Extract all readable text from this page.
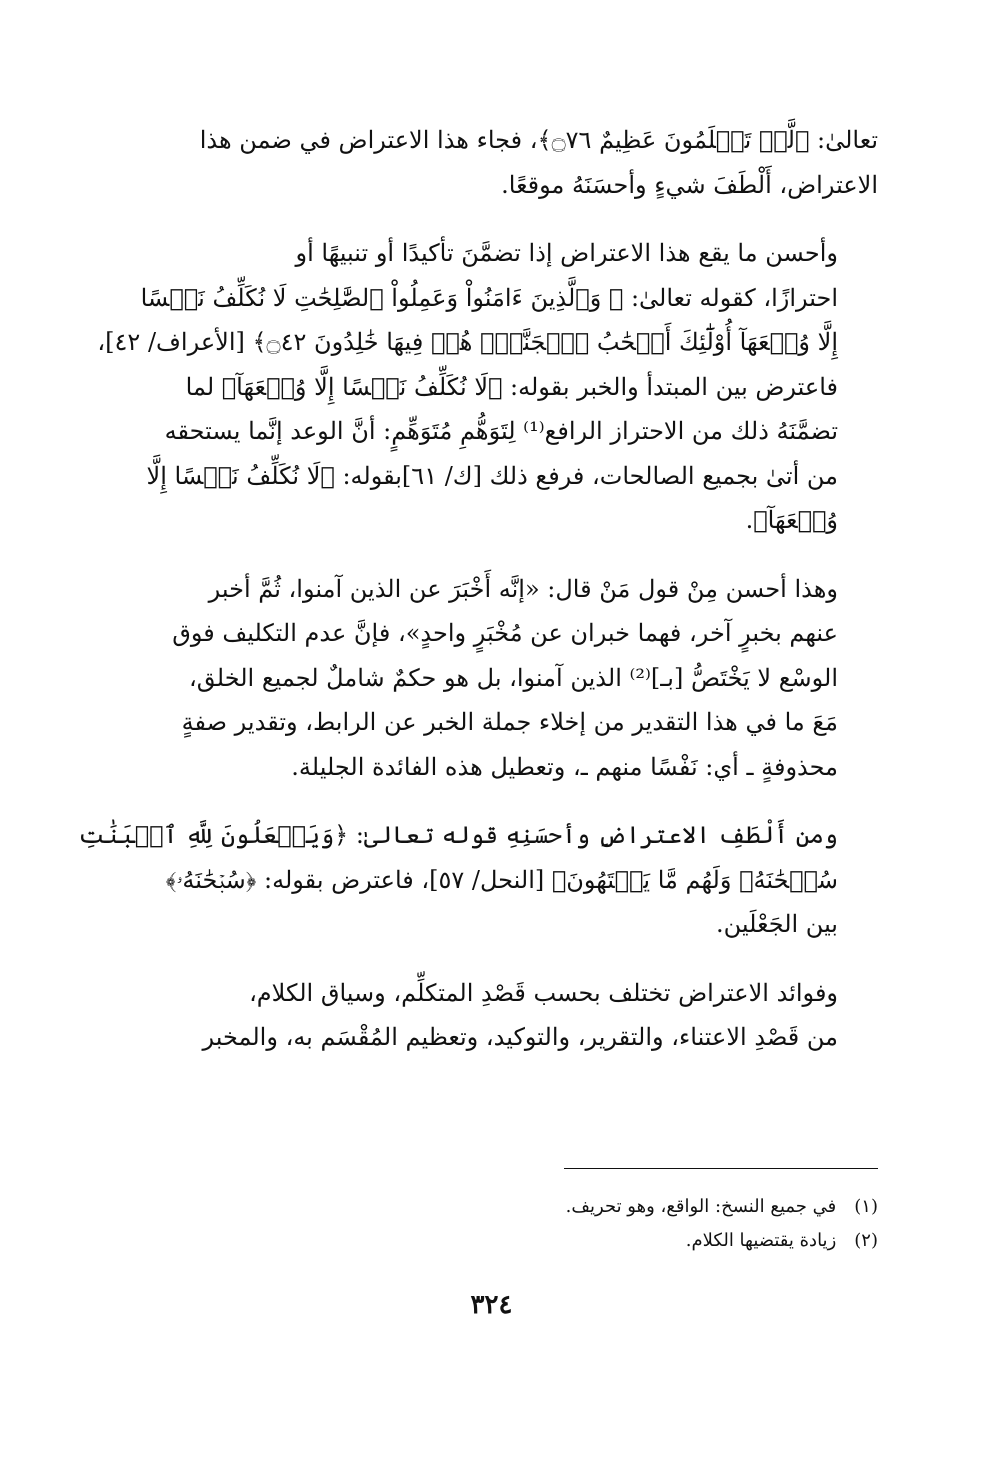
تعالىٰ: ﴿لَّوۡ تَعۡلَمُونَ عَظِيمٌ ۝٧٦﴾، فجاء هذا الاعتراض في ضمن هذا
الاعتراض، أَلْطَفَ شيءٍ وأحسَنَهُ موقعًا.

وأحسن ما يقع هذا الاعتراض إذا تضمَّنَ تأكيدًا أو تنبيهًا أو
احترازًا، كقوله تعالىٰ: ﴿ وَٱلَّذِينَ ءَامَنُواْ وَعَمِلُواْ ٱلصَّٰلِحَٰتِ لَا نُكَلِّفُ نَفۡسًا
إِلَّا وُسۡعَهَآ أُوْلَٰٓئِكَ أَصۡحَٰبُ ٱلۡجَنَّةِۖ هُمۡ فِيهَا خَٰلِدُونَ ۝٤٢﴾ [الأعراف/ ٤٢]،
فاعترض بين المبتدأ والخبر بقوله: ﴿لَا نُكَلِّفُ نَفۡسًا إِلَّا وُسۡعَهَآ﴾ لما
تضمَّنَهُ ذلك من الاحتراز الرافع⁽¹⁾ لِتَوَهُّمِ مُتَوَهِّمٍ: أنَّ الوعد إنَّما يستحقه
من أتىٰ بجميع الصالحات، فرفع ذلك [ك/ ٦١]بقوله: ﴿لَا نُكَلِّفُ نَفۡسًا إِلَّا
وُسۡعَهَآ﴾.

وهذا أحسن مِنْ قول مَنْ قال: «إنَّه أَخْبَرَ عن الذين آمنوا، ثُمَّ أخبر
عنهم بخبرٍ آخر، فهما خبران عن مُخْبَرٍ واحدٍ»، فإنَّ عدم التكليف فوق
الوسْع لا يَخْتَصُّ [بـ]⁽²⁾ الذين آمنوا، بل هو حكمٌ شاملٌ لجميع الخلق،
مَعَ ما في هذا التقدير من إخلاء جملة الخبر عن الرابط، وتقدير صفةٍ
محذوفةٍ ـ أي: نَفْسًا منهم ـ، وتعطيل هذه الفائدة الجليلة.

ومن أَلْطَفِ الاعتراضِ وأحسَنِهِ قوله تعالىٰ: ﴿وَيَجۡعَلُونَ لِلَّهِ ٱلۡبَنَٰتِ
سُبۡحَٰنَهُۥ وَلَهُم مَّا يَشۡتَهُونَ﴾ [النحل/ ٥٧]، فاعترض بقوله: ﴿سُبۡحَٰنَهُۥ﴾
بين الجَعْلَين.

وفوائد الاعتراض تختلف بحسب قَصْدِ المتكلِّم، وسياق الكلام،
من قَصْدِ الاعتناء، والتقرير، والتوكيد، وتعظيم المُقْسَم به، والمخبر

(١) في جميع النسخ: الواقع، وهو تحريف.
(٢) زيادة يقتضيها الكلام.
٣٢٤
